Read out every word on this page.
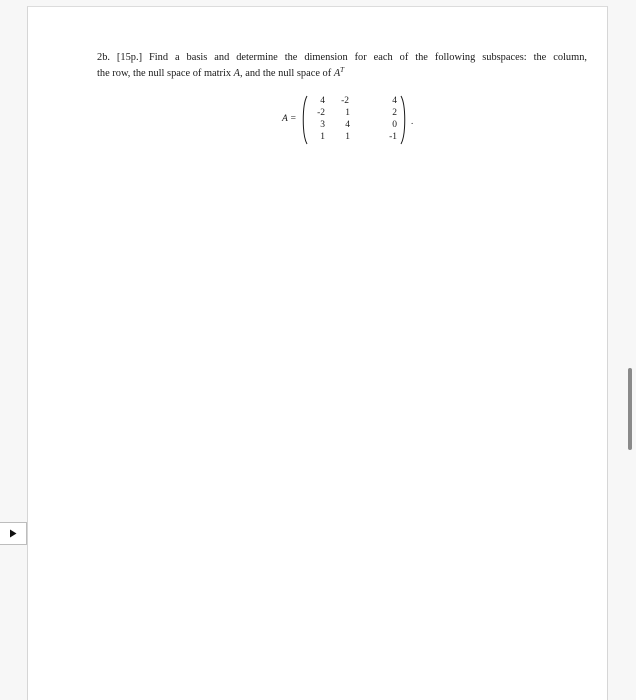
2b. [15p.] Find a basis and determine the dimension for each of the following subspaces: the column,
the row, the null space of matrix A, and the null space of $A^T$
A =
4	-2	4
-2	1	2
3	4	0
1	1	-1
.
